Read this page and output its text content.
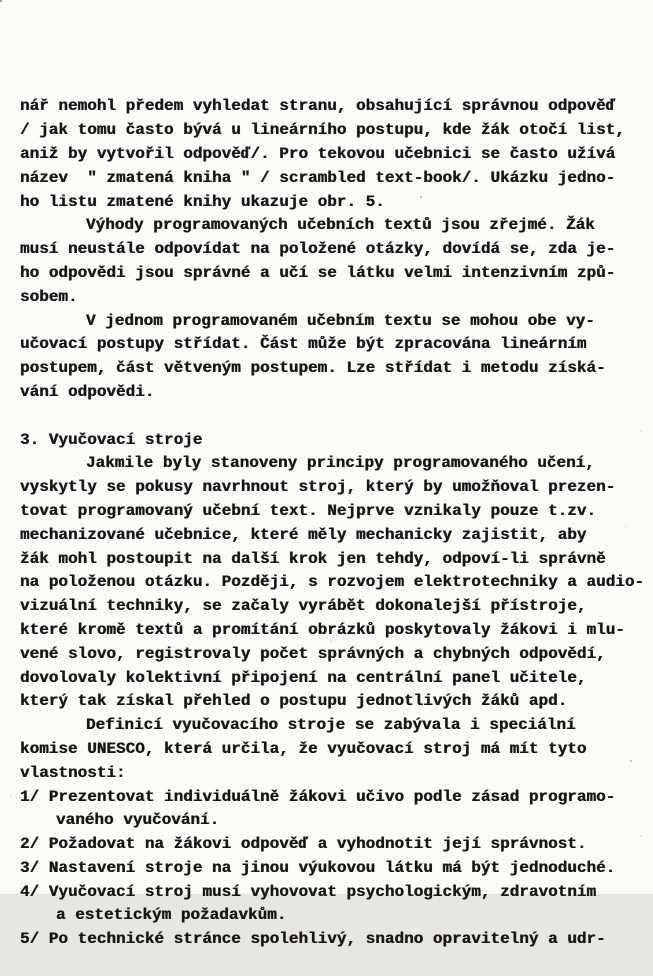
nář nemohl předem vyhledat stranu, obsahující správnou odpověď
/ jak tomu často bývá u lineárního postupu, kde žák otočí list,
aniž by vytvořil odpověď/. Pro tekovou učebnici se často užívá
název  " zmatená kniha " / scrambled text-book/. Ukázku jedno-
ho listu zmatené knihy ukazuje obr. 5.
Výhody programovaných učebních textů jsou zřejmé. Žák
musí neustále odpovídat na položené otázky, dovídá se, zda je-
ho odpovědi jsou správné a učí se látku velmi intenzivním způ-
sobem.
V jednom programovaném učebním textu se mohou obe vy-
učovací postupy střídat. Část může být zpracována lineárním
postupem, část větveným postupem. Lze střídat i metodu získá-
vání odpovědi.

3. Vyučovací stroje
Jakmile byly stanoveny principy programovaného učení,
vyskytly se pokusy navrhnout stroj, který by umožňoval prezen-
tovat programovaný učební text. Nejprve vznikaly pouze t.zv.
mechanizované učebnice, které měly mechanicky zajistit, aby
žák mohl postoupit na další krok jen tehdy, odpoví-li správně
na položenou otázku. Později, s rozvojem elektrotechniky a audio-
vizuální techniky, se začaly vyrábět dokonalejší přístroje,
které kromě textů a promítání obrázků poskytovaly žákovi i mlu-
vené slovo, registrovaly počet správných a chybných odpovědí,
dovolovaly kolektivní připojení na centrální panel učitele,
který tak získal přehled o postupu jednotlivých žáků apd.
Definicí vyučovacího stroje se zabývala i speciální
komise UNESCO, která určila, že vyučovací stroj má mít tyto
vlastnosti:
1/ Prezentovat individuálně žákovi učivo podle zásad programo-
vaného vyučování.
2/ Požadovat na žákovi odpověď a vyhodnotit její správnost.
3/ Nastavení stroje na jinou výukovou látku má být jednoduché.
4/ Vyučovací stroj musí vyhovovat psychologickým, zdravotním
a estetickým požadavkům.
5/ Po technické stránce spolehlivý, snadno opravitelný a udr-
